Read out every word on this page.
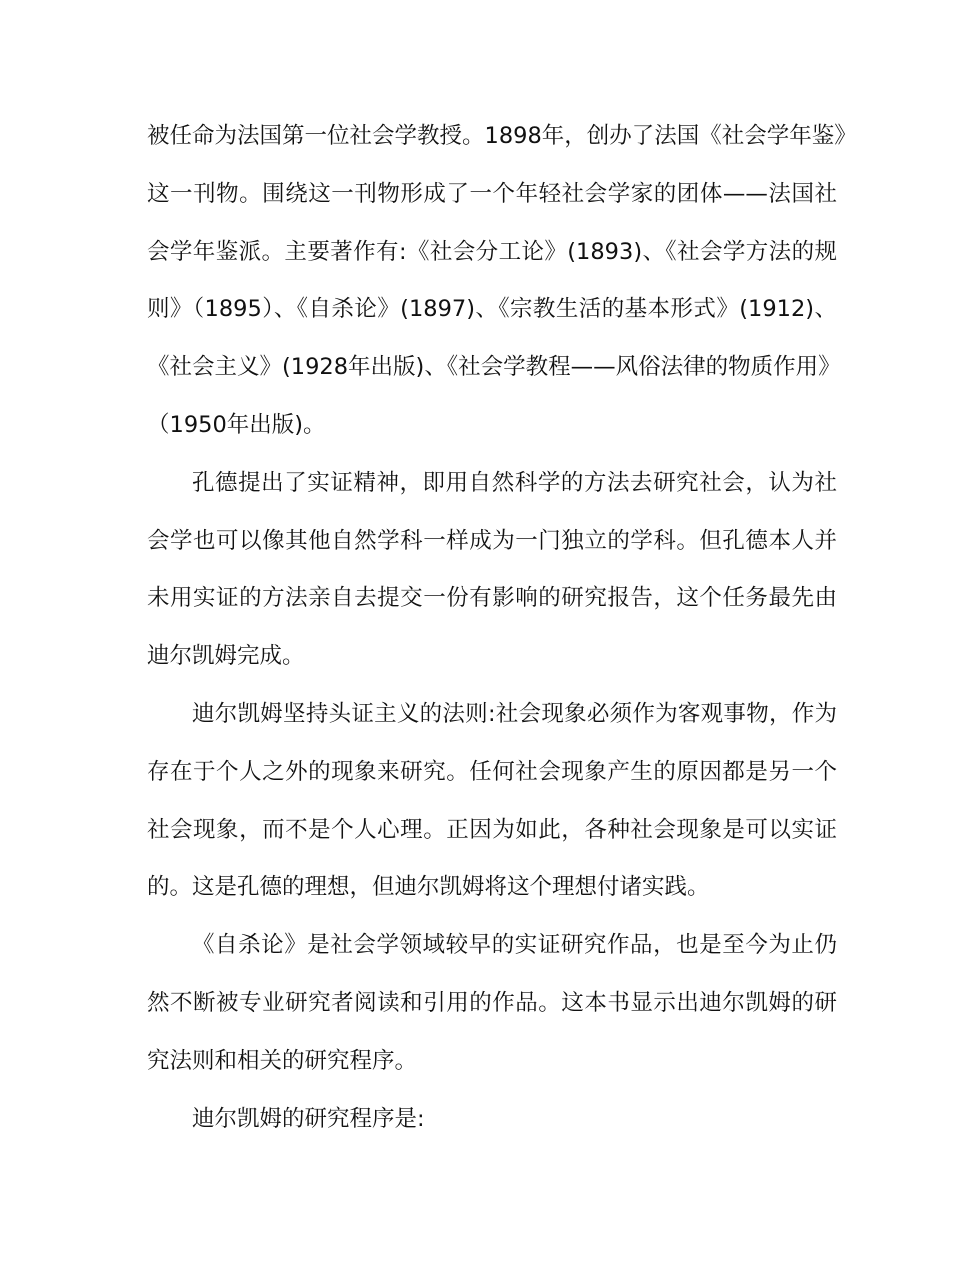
被任命为法国第一位社会学教授。1898年，创办了法国《社会学年鉴》
这一刊物。围绕这一刊物形成了一个年轻社会学家的团体——法国社
会学年鉴派。主要著作有:《社会分工论》(1893)、《社会学方法的规
则》（1895）、《自杀论》(1897)、《宗教生活的基本形式》(1912)、
《社会主义》(1928年出版)、《社会学教程——风俗法律的物质作用》
（1950年出版)。

孔德提出了实证精神，即用自然科学的方法去研究社会，认为社
会学也可以像其他自然学科一样成为一门独立的学科。但孔德本人并
未用实证的方法亲自去提交一份有影响的研究报告，这个任务最先由
迪尔凯姆完成。

迪尔凯姆坚持头证主义的法则:社会现象必须作为客观事物，作为
存在于个人之外的现象来研究。任何社会现象产生的原因都是另一个
社会现象，而不是个人心理。正因为如此，各种社会现象是可以实证
的。这是孔德的理想，但迪尔凯姆将这个理想付诸实践。

《自杀论》是社会学领域较早的实证研究作品，也是至今为止仍
然不断被专业研究者阅读和引用的作品。这本书显示出迪尔凯姆的研
究法则和相关的研究程序。

迪尔凯姆的研究程序是:
